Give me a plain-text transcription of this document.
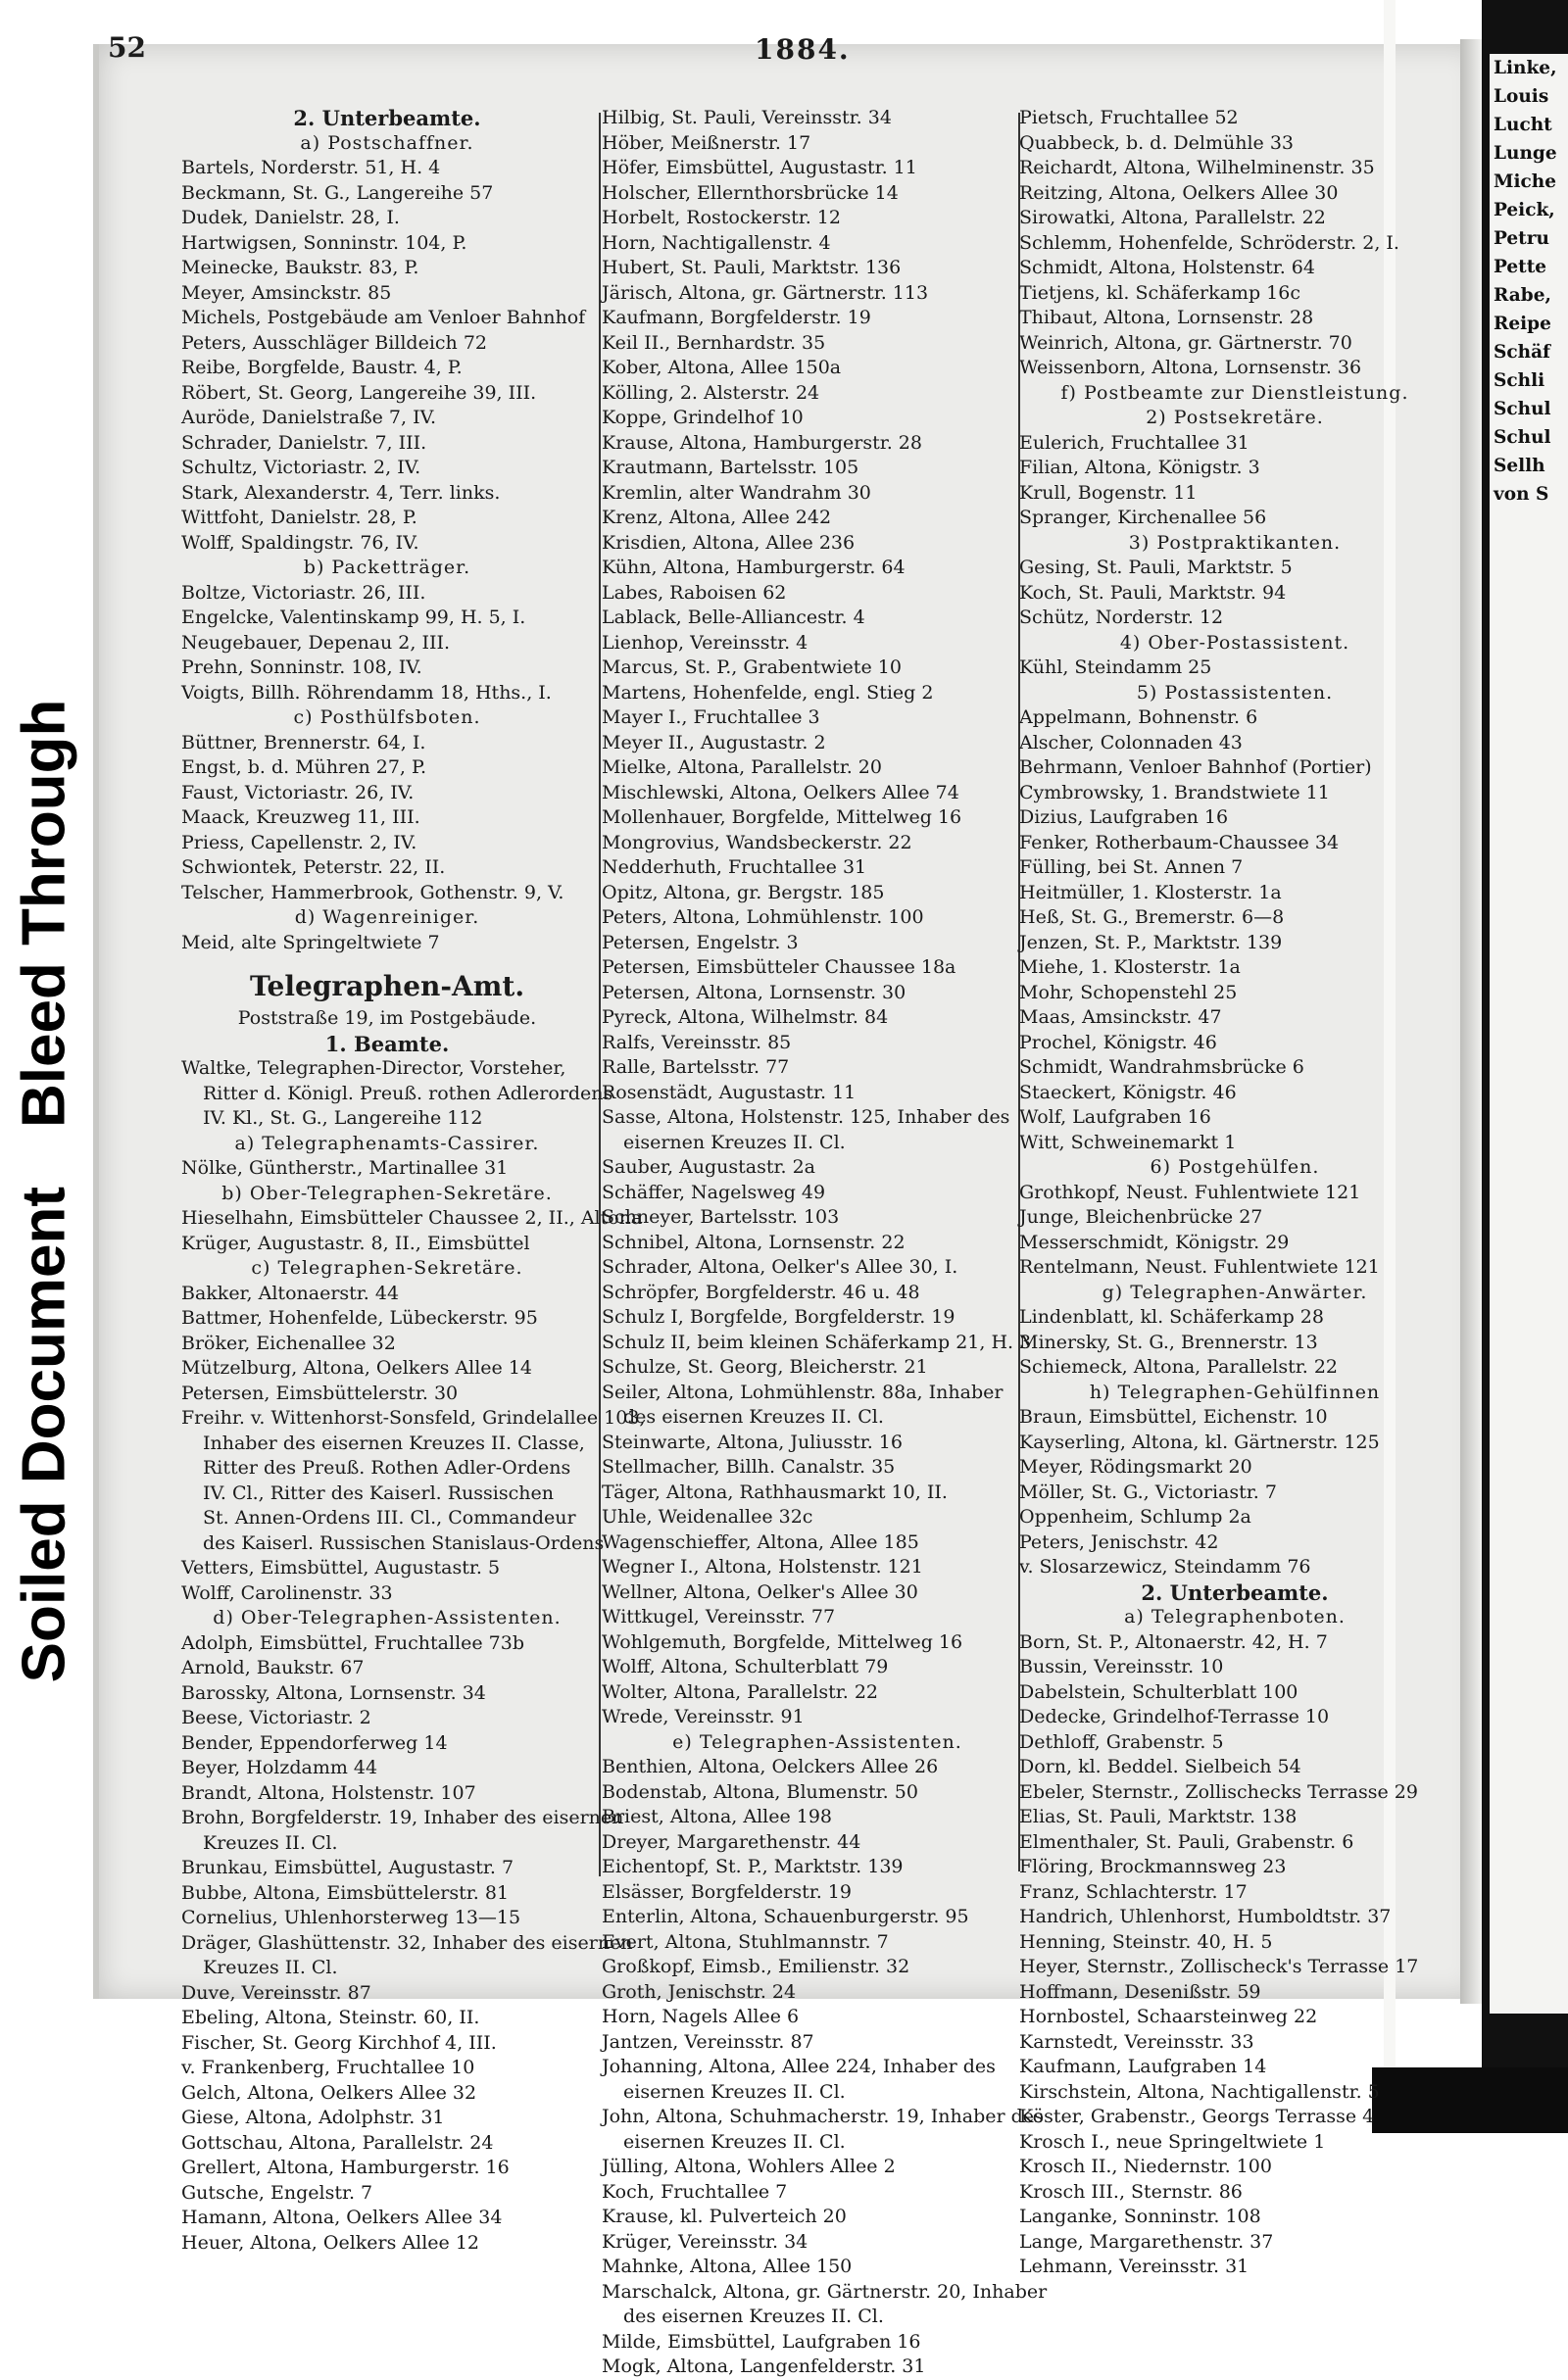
Linke,
Louis
Lucht
Lunge
Miche
Peick,
Petru
Pette
Rabe,
Reipe
Schäf
Schli
Schul
Schul
Sellh
von S
Soiled DocumentBleed Through
52	1884.
2. Unterbeamte.
a) Postschaffner.
Bartels, Norderstr. 51, H. 4
Beckmann, St. G., Langereihe 57
Dudek, Danielstr. 28, I.
Hartwigsen, Sonninstr. 104, P.
Meinecke, Baukstr. 83, P.
Meyer, Amsinckstr. 85
Michels, Postgebäude am Venloer Bahnhof
Peters, Ausschläger Billdeich 72
Reibe, Borgfelde, Baustr. 4, P.
Röbert, St. Georg, Langereihe 39, III.
Auröde, Danielstraße 7, IV.
Schrader, Danielstr. 7, III.
Schultz, Victoriastr. 2, IV.
Stark, Alexanderstr. 4, Terr. links.
Wittfoht, Danielstr. 28, P.
Wolff, Spaldingstr. 76, IV.
b) Packetträger.
Boltze, Victoriastr. 26, III.
Engelcke, Valentinskamp 99, H. 5, I.
Neugebauer, Depenau 2, III.
Prehn, Sonninstr. 108, IV.
Voigts, Billh. Röhrendamm 18, Hths., I.
c) Posthülfsboten.
Büttner, Brennerstr. 64, I.
Engst, b. d. Mühren 27, P.
Faust, Victoriastr. 26, IV.
Maack, Kreuzweg 11, III.
Priess, Capellenstr. 2, IV.
Schwiontek, Peterstr. 22, II.
Telscher, Hammerbrook, Gothenstr. 9, V.
d) Wagenreiniger.
Meid, alte Springeltwiete 7
Telegraphen-Amt.
Poststraße 19, im Postgebäude.
1. Beamte.
Waltke, Telegraphen-Director, Vorsteher,
Ritter d. Königl. Preuß. rothen Adlerordens
IV. Kl., St. G., Langereihe 112
a) Telegraphenamts-Cassirer.
Nölke, Güntherstr., Martinallee 31
b) Ober-Telegraphen-Sekretäre.
Hieselhahn, Eimsbütteler Chaussee 2, II., Altona
Krüger, Augustastr. 8, II., Eimsbüttel
c) Telegraphen-Sekretäre.
Bakker, Altonaerstr. 44
Battmer, Hohenfelde, Lübeckerstr. 95
Bröker, Eichenallee 32
Mützelburg, Altona, Oelkers Allee 14
Petersen, Eimsbüttelerstr. 30
Freihr. v. Wittenhorst-Sonsfeld, Grindelallee 103,
Inhaber des eisernen Kreuzes II. Classe,
Ritter des Preuß. Rothen Adler-Ordens
IV. Cl., Ritter des Kaiserl. Russischen
St. Annen-Ordens III. Cl., Commandeur
des Kaiserl. Russischen Stanislaus-Ordens
Vetters, Eimsbüttel, Augustastr. 5
Wolff, Carolinenstr. 33
d) Ober-Telegraphen-Assistenten.
Adolph, Eimsbüttel, Fruchtallee 73b
Arnold, Baukstr. 67
Barossky, Altona, Lornsenstr. 34
Beese, Victoriastr. 2
Bender, Eppendorferweg 14
Beyer, Holzdamm 44
Brandt, Altona, Holstenstr. 107
Brohn, Borgfelderstr. 19, Inhaber des eisernen
Kreuzes II. Cl.
Brunkau, Eimsbüttel, Augustastr. 7
Bubbe, Altona, Eimsbüttelerstr. 81
Cornelius, Uhlenhorsterweg 13—15
Dräger, Glashüttenstr. 32, Inhaber des eisernen
Kreuzes II. Cl.
Duve, Vereinsstr. 87
Ebeling, Altona, Steinstr. 60, II.
Fischer, St. Georg Kirchhof 4, III.
v. Frankenberg, Fruchtallee 10
Gelch, Altona, Oelkers Allee 32
Giese, Altona, Adolphstr. 31
Gottschau, Altona, Parallelstr. 24
Grellert, Altona, Hamburgerstr. 16
Gutsche, Engelstr. 7
Hamann, Altona, Oelkers Allee 34
Heuer, Altona, Oelkers Allee 12
Hilbig, St. Pauli, Vereinsstr. 34
Höber, Meißnerstr. 17
Höfer, Eimsbüttel, Augustastr. 11
Holscher, Ellernthorsbrücke 14
Horbelt, Rostockerstr. 12
Horn, Nachtigallenstr. 4
Hubert, St. Pauli, Marktstr. 136
Järisch, Altona, gr. Gärtnerstr. 113
Kaufmann, Borgfelderstr. 19
Keil II., Bernhardstr. 35
Kober, Altona, Allee 150a
Kölling, 2. Alsterstr. 24
Koppe, Grindelhof 10
Krause, Altona, Hamburgerstr. 28
Krautmann, Bartelsstr. 105
Kremlin, alter Wandrahm 30
Krenz, Altona, Allee 242
Krisdien, Altona, Allee 236
Kühn, Altona, Hamburgerstr. 64
Labes, Raboisen 62
Lablack, Belle-Alliancestr. 4
Lienhop, Vereinsstr. 4
Marcus, St. P., Grabentwiete 10
Martens, Hohenfelde, engl. Stieg 2
Mayer I., Fruchtallee 3
Meyer II., Augustastr. 2
Mielke, Altona, Parallelstr. 20
Mischlewski, Altona, Oelkers Allee 74
Mollenhauer, Borgfelde, Mittelweg 16
Mongrovius, Wandsbeckerstr. 22
Nedderhuth, Fruchtallee 31
Opitz, Altona, gr. Bergstr. 185
Peters, Altona, Lohmühlenstr. 100
Petersen, Engelstr. 3
Petersen, Eimsbütteler Chaussee 18a
Petersen, Altona, Lornsenstr. 30
Pyreck, Altona, Wilhelmstr. 84
Ralfs, Vereinsstr. 85
Ralle, Bartelsstr. 77
Rosenstädt, Augustastr. 11
Sasse, Altona, Holstenstr. 125, Inhaber des
eisernen Kreuzes II. Cl.
Sauber, Augustastr. 2a
Schäffer, Nagelsweg 49
Schneyer, Bartelsstr. 103
Schnibel, Altona, Lornsenstr. 22
Schrader, Altona, Oelker's Allee 30, I.
Schröpfer, Borgfelderstr. 46 u. 48
Schulz I, Borgfelde, Borgfelderstr. 19
Schulz II, beim kleinen Schäferkamp 21, H. 3
Schulze, St. Georg, Bleicherstr. 21
Seiler, Altona, Lohmühlenstr. 88a, Inhaber
des eisernen Kreuzes II. Cl.
Steinwarte, Altona, Juliusstr. 16
Stellmacher, Billh. Canalstr. 35
Täger, Altona, Rathhausmarkt 10, II.
Uhle, Weidenallee 32c
Wagenschieffer, Altona, Allee 185
Wegner I., Altona, Holstenstr. 121
Wellner, Altona, Oelker's Allee 30
Wittkugel, Vereinsstr. 77
Wohlgemuth, Borgfelde, Mittelweg 16
Wolff, Altona, Schulterblatt 79
Wolter, Altona, Parallelstr. 22
Wrede, Vereinsstr. 91
e) Telegraphen-Assistenten.
Benthien, Altona, Oelckers Allee 26
Bodenstab, Altona, Blumenstr. 50
Briest, Altona, Allee 198
Dreyer, Margarethenstr. 44
Eichentopf, St. P., Marktstr. 139
Elsässer, Borgfelderstr. 19
Enterlin, Altona, Schauenburgerstr. 95
Evert, Altona, Stuhlmannstr. 7
Großkopf, Eimsb., Emilienstr. 32
Groth, Jenischstr. 24
Horn, Nagels Allee 6
Jantzen, Vereinsstr. 87
Johanning, Altona, Allee 224, Inhaber des
eisernen Kreuzes II. Cl.
John, Altona, Schuhmacherstr. 19, Inhaber des
eisernen Kreuzes II. Cl.
Jülling, Altona, Wohlers Allee 2
Koch, Fruchtallee 7
Krause, kl. Pulverteich 20
Krüger, Vereinsstr. 34
Mahnke, Altona, Allee 150
Marschalck, Altona, gr. Gärtnerstr. 20, Inhaber
des eisernen Kreuzes II. Cl.
Milde, Eimsbüttel, Laufgraben 16
Mogk, Altona, Langenfelderstr. 31
Pietsch, Fruchtallee 52
Quabbeck, b. d. Delmühle 33
Reichardt, Altona, Wilhelminenstr. 35
Reitzing, Altona, Oelkers Allee 30
Sirowatki, Altona, Parallelstr. 22
Schlemm, Hohenfelde, Schröderstr. 2, I.
Schmidt, Altona, Holstenstr. 64
Tietjens, kl. Schäferkamp 16c
Thibaut, Altona, Lornsenstr. 28
Weinrich, Altona, gr. Gärtnerstr. 70
Weissenborn, Altona, Lornsenstr. 36
f) Postbeamte zur Dienstleistung.
2) Postsekretäre.
Eulerich, Fruchtallee 31
Filian, Altona, Königstr. 3
Krull, Bogenstr. 11
Spranger, Kirchenallee 56
3) Postpraktikanten.
Gesing, St. Pauli, Marktstr. 5
Koch, St. Pauli, Marktstr. 94
Schütz, Norderstr. 12
4) Ober-Postassistent.
Kühl, Steindamm 25
5) Postassistenten.
Appelmann, Bohnenstr. 6
Alscher, Colonnaden 43
Behrmann, Venloer Bahnhof (Portier)
Cymbrowsky, 1. Brandstwiete 11
Dizius, Laufgraben 16
Fenker, Rotherbaum-Chaussee 34
Fülling, bei St. Annen 7
Heitmüller, 1. Klosterstr. 1a
Heß, St. G., Bremerstr. 6—8
Jenzen, St. P., Marktstr. 139
Miehe, 1. Klosterstr. 1a
Mohr, Schopenstehl 25
Maas, Amsinckstr. 47
Prochel, Königstr. 46
Schmidt, Wandrahmsbrücke 6
Staeckert, Königstr. 46
Wolf, Laufgraben 16
Witt, Schweinemarkt 1
6) Postgehülfen.
Grothkopf, Neust. Fuhlentwiete 121
Junge, Bleichenbrücke 27
Messerschmidt, Königstr. 29
Rentelmann, Neust. Fuhlentwiete 121
g) Telegraphen-Anwärter.
Lindenblatt, kl. Schäferkamp 28
Minersky, St. G., Brennerstr. 13
Schiemeck, Altona, Parallelstr. 22
h) Telegraphen-Gehülfinnen
Braun, Eimsbüttel, Eichenstr. 10
Kayserling, Altona, kl. Gärtnerstr. 125
Meyer, Rödingsmarkt 20
Möller, St. G., Victoriastr. 7
Oppenheim, Schlump 2a
Peters, Jenischstr. 42
v. Slosarzewicz, Steindamm 76
2. Unterbeamte.
a) Telegraphenboten.
Born, St. P., Altonaerstr. 42, H. 7
Bussin, Vereinsstr. 10
Dabelstein, Schulterblatt 100
Dedecke, Grindelhof-Terrasse 10
Dethloff, Grabenstr. 5
Dorn, kl. Beddel. Sielbeich 54
Ebeler, Sternstr., Zollischecks Terrasse 29
Elias, St. Pauli, Marktstr. 138
Elmenthaler, St. Pauli, Grabenstr. 6
Flöring, Brockmannsweg 23
Franz, Schlachterstr. 17
Handrich, Uhlenhorst, Humboldtstr. 37
Henning, Steinstr. 40, H. 5
Heyer, Sternstr., Zollischeck's Terrasse 17
Hoffmann, Desenißstr. 59
Hornbostel, Schaarsteinweg 22
Karnstedt, Vereinsstr. 33
Kaufmann, Laufgraben 14
Kirschstein, Altona, Nachtigallenstr. 5
Köster, Grabenstr., Georgs Terrasse 4
Krosch I., neue Springeltwiete 1
Krosch II., Niedernstr. 100
Krosch III., Sternstr. 86
Langanke, Sonninstr. 108
Lange, Margarethenstr. 37
Lehmann, Vereinsstr. 31
